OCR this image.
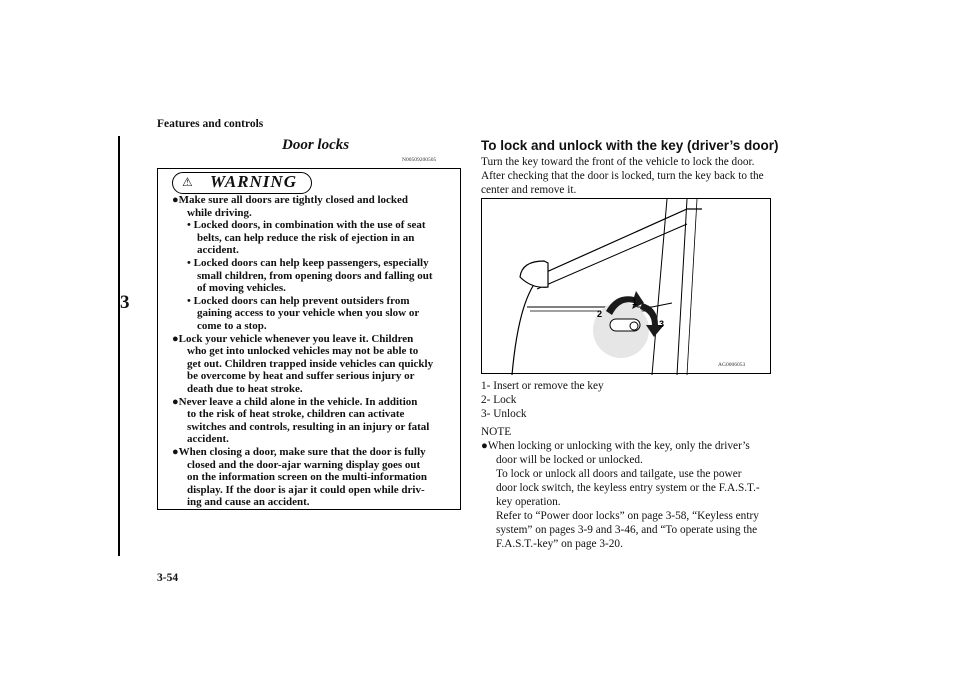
Features and controls
3
Door locks
N00509200505
⚠ WARNING
To lock and unlock with the key (driver’s door)
Turn the key toward the front of the vehicle to lock the door.
After checking that the door is locked, turn the key back to the
center and remove it.
1
2
3
AG0006053
1- Insert or remove the key
2- Lock
3- Unlock
NOTE
●When locking or unlocking with the key, only the driver’s
door will be locked or unlocked.
To lock or unlock all doors and tailgate, use the power
door lock switch, the keyless entry system or the F.A.S.T.-
key operation.
Refer to “Power door locks” on page 3-58, “Keyless entry
system” on pages 3-9 and 3-46, and “To operate using the
F.A.S.T.-key” on page 3-20.
3-54
●Make sure all doors are tightly closed and locked
while driving.
• Locked doors, in combination with the use of seat
belts, can help reduce the risk of ejection in an
accident.
• Locked doors can help keep passengers, especially
small children, from opening doors and falling out
of moving vehicles.
• Locked doors can help prevent outsiders from
gaining access to your vehicle when you slow or
come to a stop.
●Lock your vehicle whenever you leave it. Children
who get into unlocked vehicles may not be able to
get out. Children trapped inside vehicles can quickly
be overcome by heat and suffer serious injury or
death due to heat stroke.
●Never leave a child alone in the vehicle. In addition
to the risk of heat stroke, children can activate
switches and controls, resulting in an injury or fatal
accident.
●When closing a door, make sure that the door is fully
closed and the door-ajar warning display goes out
on the information screen on the multi-information
display. If the door is ajar it could open while driv-
ing and cause an accident.
